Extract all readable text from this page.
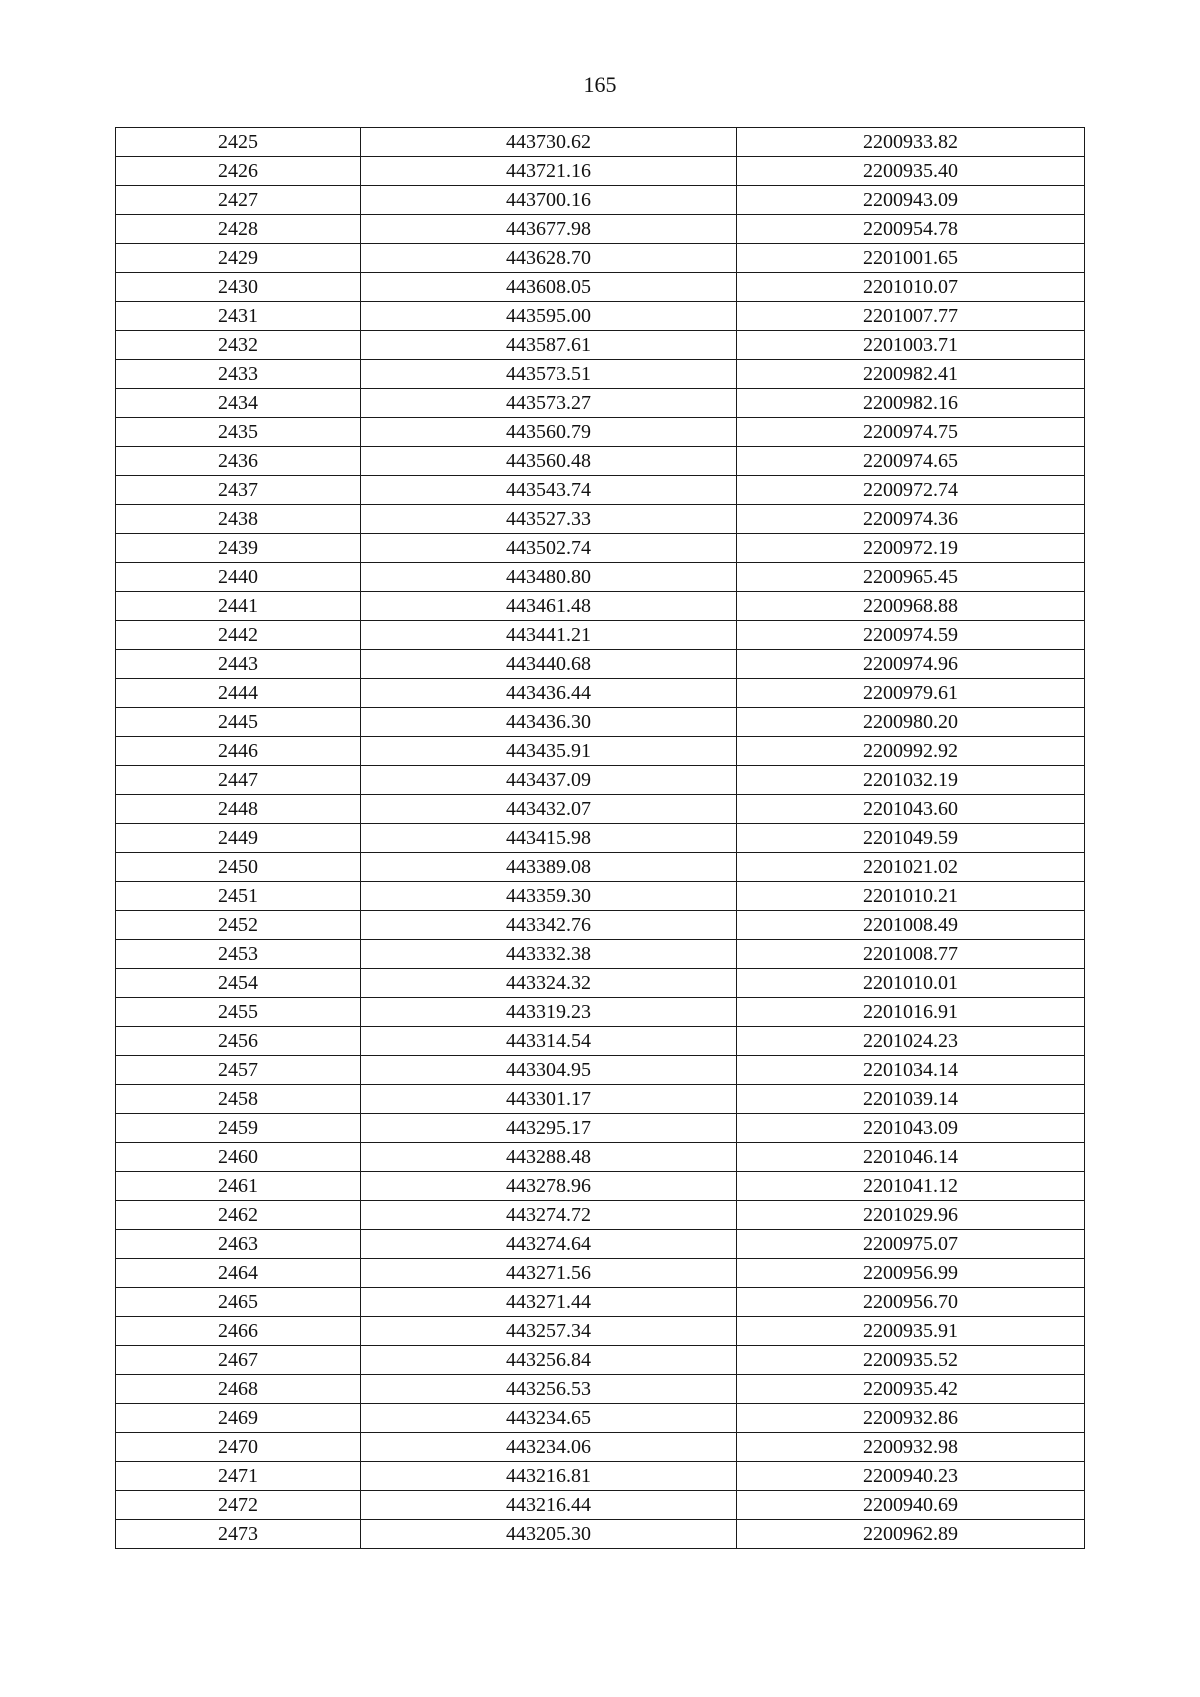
165
2425	443730.62	2200933.82
2426	443721.16	2200935.40
2427	443700.16	2200943.09
2428	443677.98	2200954.78
2429	443628.70	2201001.65
2430	443608.05	2201010.07
2431	443595.00	2201007.77
2432	443587.61	2201003.71
2433	443573.51	2200982.41
2434	443573.27	2200982.16
2435	443560.79	2200974.75
2436	443560.48	2200974.65
2437	443543.74	2200972.74
2438	443527.33	2200974.36
2439	443502.74	2200972.19
2440	443480.80	2200965.45
2441	443461.48	2200968.88
2442	443441.21	2200974.59
2443	443440.68	2200974.96
2444	443436.44	2200979.61
2445	443436.30	2200980.20
2446	443435.91	2200992.92
2447	443437.09	2201032.19
2448	443432.07	2201043.60
2449	443415.98	2201049.59
2450	443389.08	2201021.02
2451	443359.30	2201010.21
2452	443342.76	2201008.49
2453	443332.38	2201008.77
2454	443324.32	2201010.01
2455	443319.23	2201016.91
2456	443314.54	2201024.23
2457	443304.95	2201034.14
2458	443301.17	2201039.14
2459	443295.17	2201043.09
2460	443288.48	2201046.14
2461	443278.96	2201041.12
2462	443274.72	2201029.96
2463	443274.64	2200975.07
2464	443271.56	2200956.99
2465	443271.44	2200956.70
2466	443257.34	2200935.91
2467	443256.84	2200935.52
2468	443256.53	2200935.42
2469	443234.65	2200932.86
2470	443234.06	2200932.98
2471	443216.81	2200940.23
2472	443216.44	2200940.69
2473	443205.30	2200962.89
